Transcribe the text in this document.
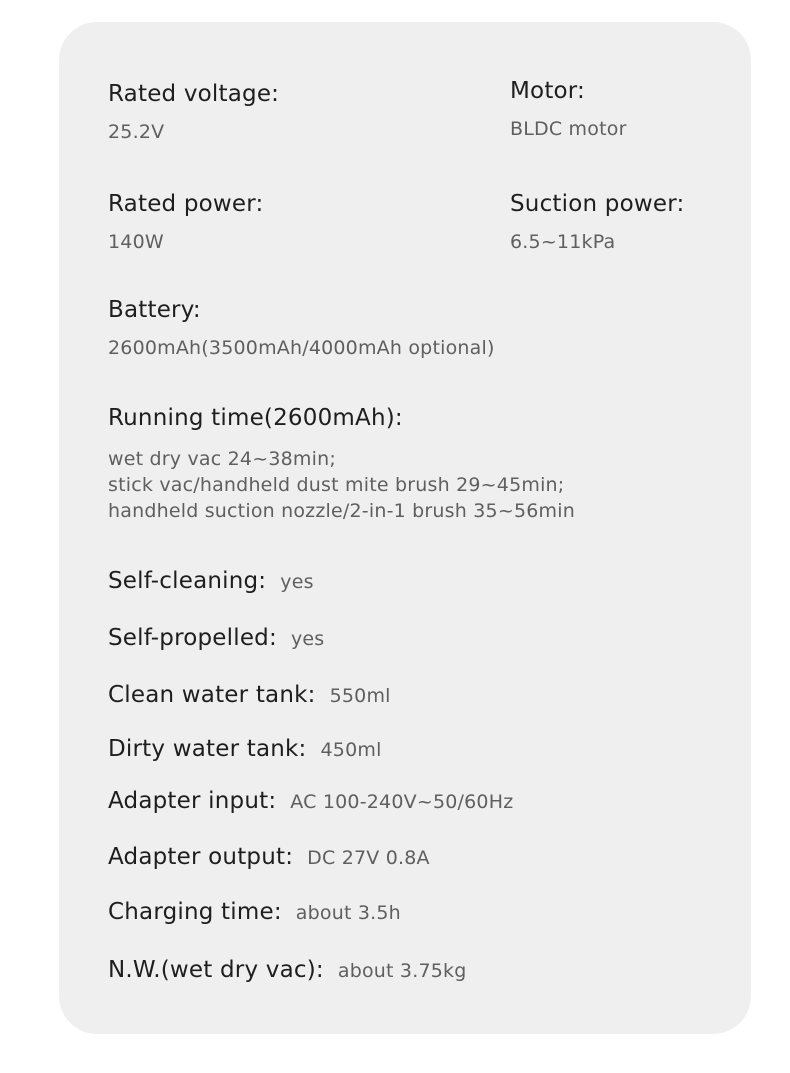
Rated voltage:
25.2V
Motor:
BLDC motor
Rated power:
140W
Suction power:
6.5~11kPa
Battery:
2600mAh(3500mAh/4000mAh optional)
Running time(2600mAh):
wet dry vac 24~38min;
stick vac/handheld dust mite brush 29~45min;
handheld suction nozzle/2-in-1 brush 35~56min
Self-cleaning: yes
Self-propelled: yes
Clean water tank: 550ml
Dirty water tank: 450ml
Adapter input: AC 100-240V~50/60Hz
Adapter output: DC 27V 0.8A
Charging time: about 3.5h
N.W.(wet dry vac): about 3.75kg
